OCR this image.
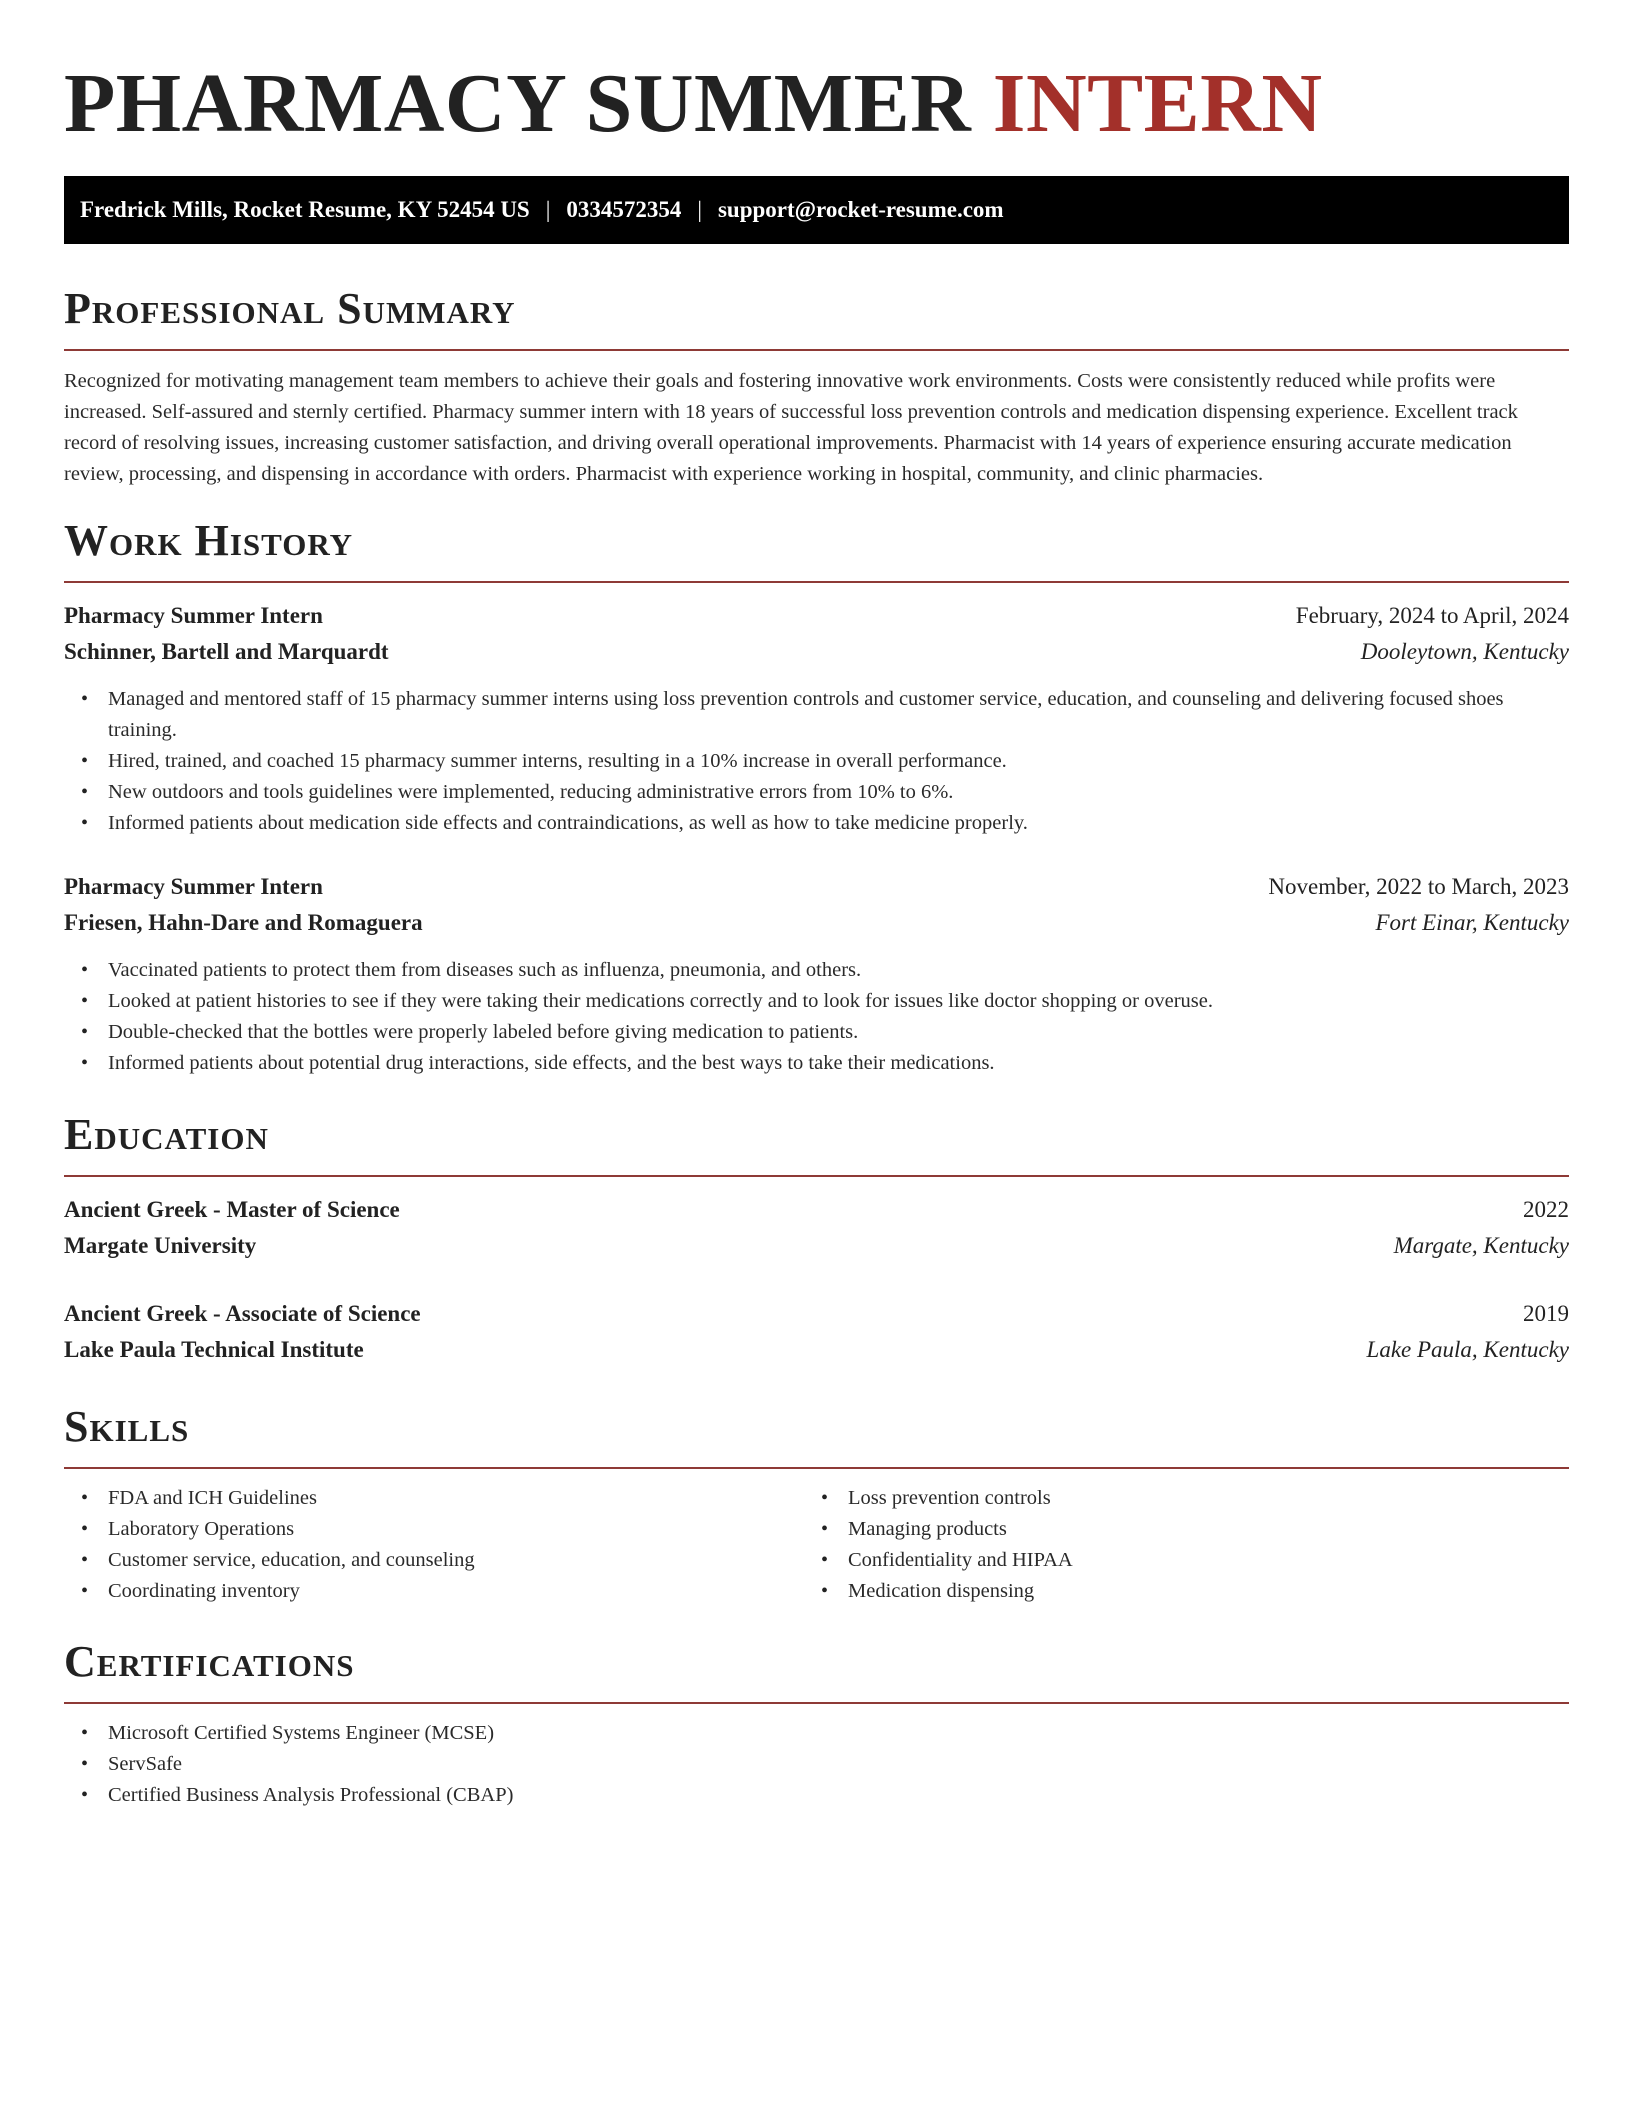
PHARMACY SUMMER INTERN
Fredrick Mills, Rocket Resume, KY 52454 US | 0334572354 | support@rocket-resume.com
Professional Summary

Recognized for motivating management team members to achieve their goals and fostering innovative work environments. Costs were consistently reduced while profits were increased. Self-assured and sternly certified. Pharmacy summer intern with 18 years of successful loss prevention controls and medication dispensing experience. Excellent track record of resolving issues, increasing customer satisfaction, and driving overall operational improvements. Pharmacist with 14 years of experience ensuring accurate medication review, processing, and dispensing in accordance with orders. Pharmacist with experience working in hospital, community, and clinic pharmacies.

Work History
Pharmacy Summer Intern	February, 2024 to April, 2024
Schinner, Bartell and Marquardt	Dooleytown, Kentucky
• Managed and mentored staff of 15 pharmacy summer interns using loss prevention controls and customer service, education, and counseling and delivering focused shoes training.
• Hired, trained, and coached 15 pharmacy summer interns, resulting in a 10% increase in overall performance.
• New outdoors and tools guidelines were implemented, reducing administrative errors from 10% to 6%.
• Informed patients about medication side effects and contraindications, as well as how to take medicine properly.
Pharmacy Summer Intern	November, 2022 to March, 2023
Friesen, Hahn-Dare and Romaguera	Fort Einar, Kentucky
• Vaccinated patients to protect them from diseases such as influenza, pneumonia, and others.
• Looked at patient histories to see if they were taking their medications correctly and to look for issues like doctor shopping or overuse.
• Double-checked that the bottles were properly labeled before giving medication to patients.
• Informed patients about potential drug interactions, side effects, and the best ways to take their medications.
Education
Ancient Greek - Master of Science	2022
Margate University	Margate, Kentucky
Ancient Greek - Associate of Science	2019
Lake Paula Technical Institute	Lake Paula, Kentucky
Skills
• FDA and ICH Guidelines
• Laboratory Operations
• Customer service, education, and counseling
• Coordinating inventory
• Loss prevention controls
• Managing products
• Confidentiality and HIPAA
• Medication dispensing
Certifications
• Microsoft Certified Systems Engineer (MCSE)
• ServSafe
• Certified Business Analysis Professional (CBAP)
